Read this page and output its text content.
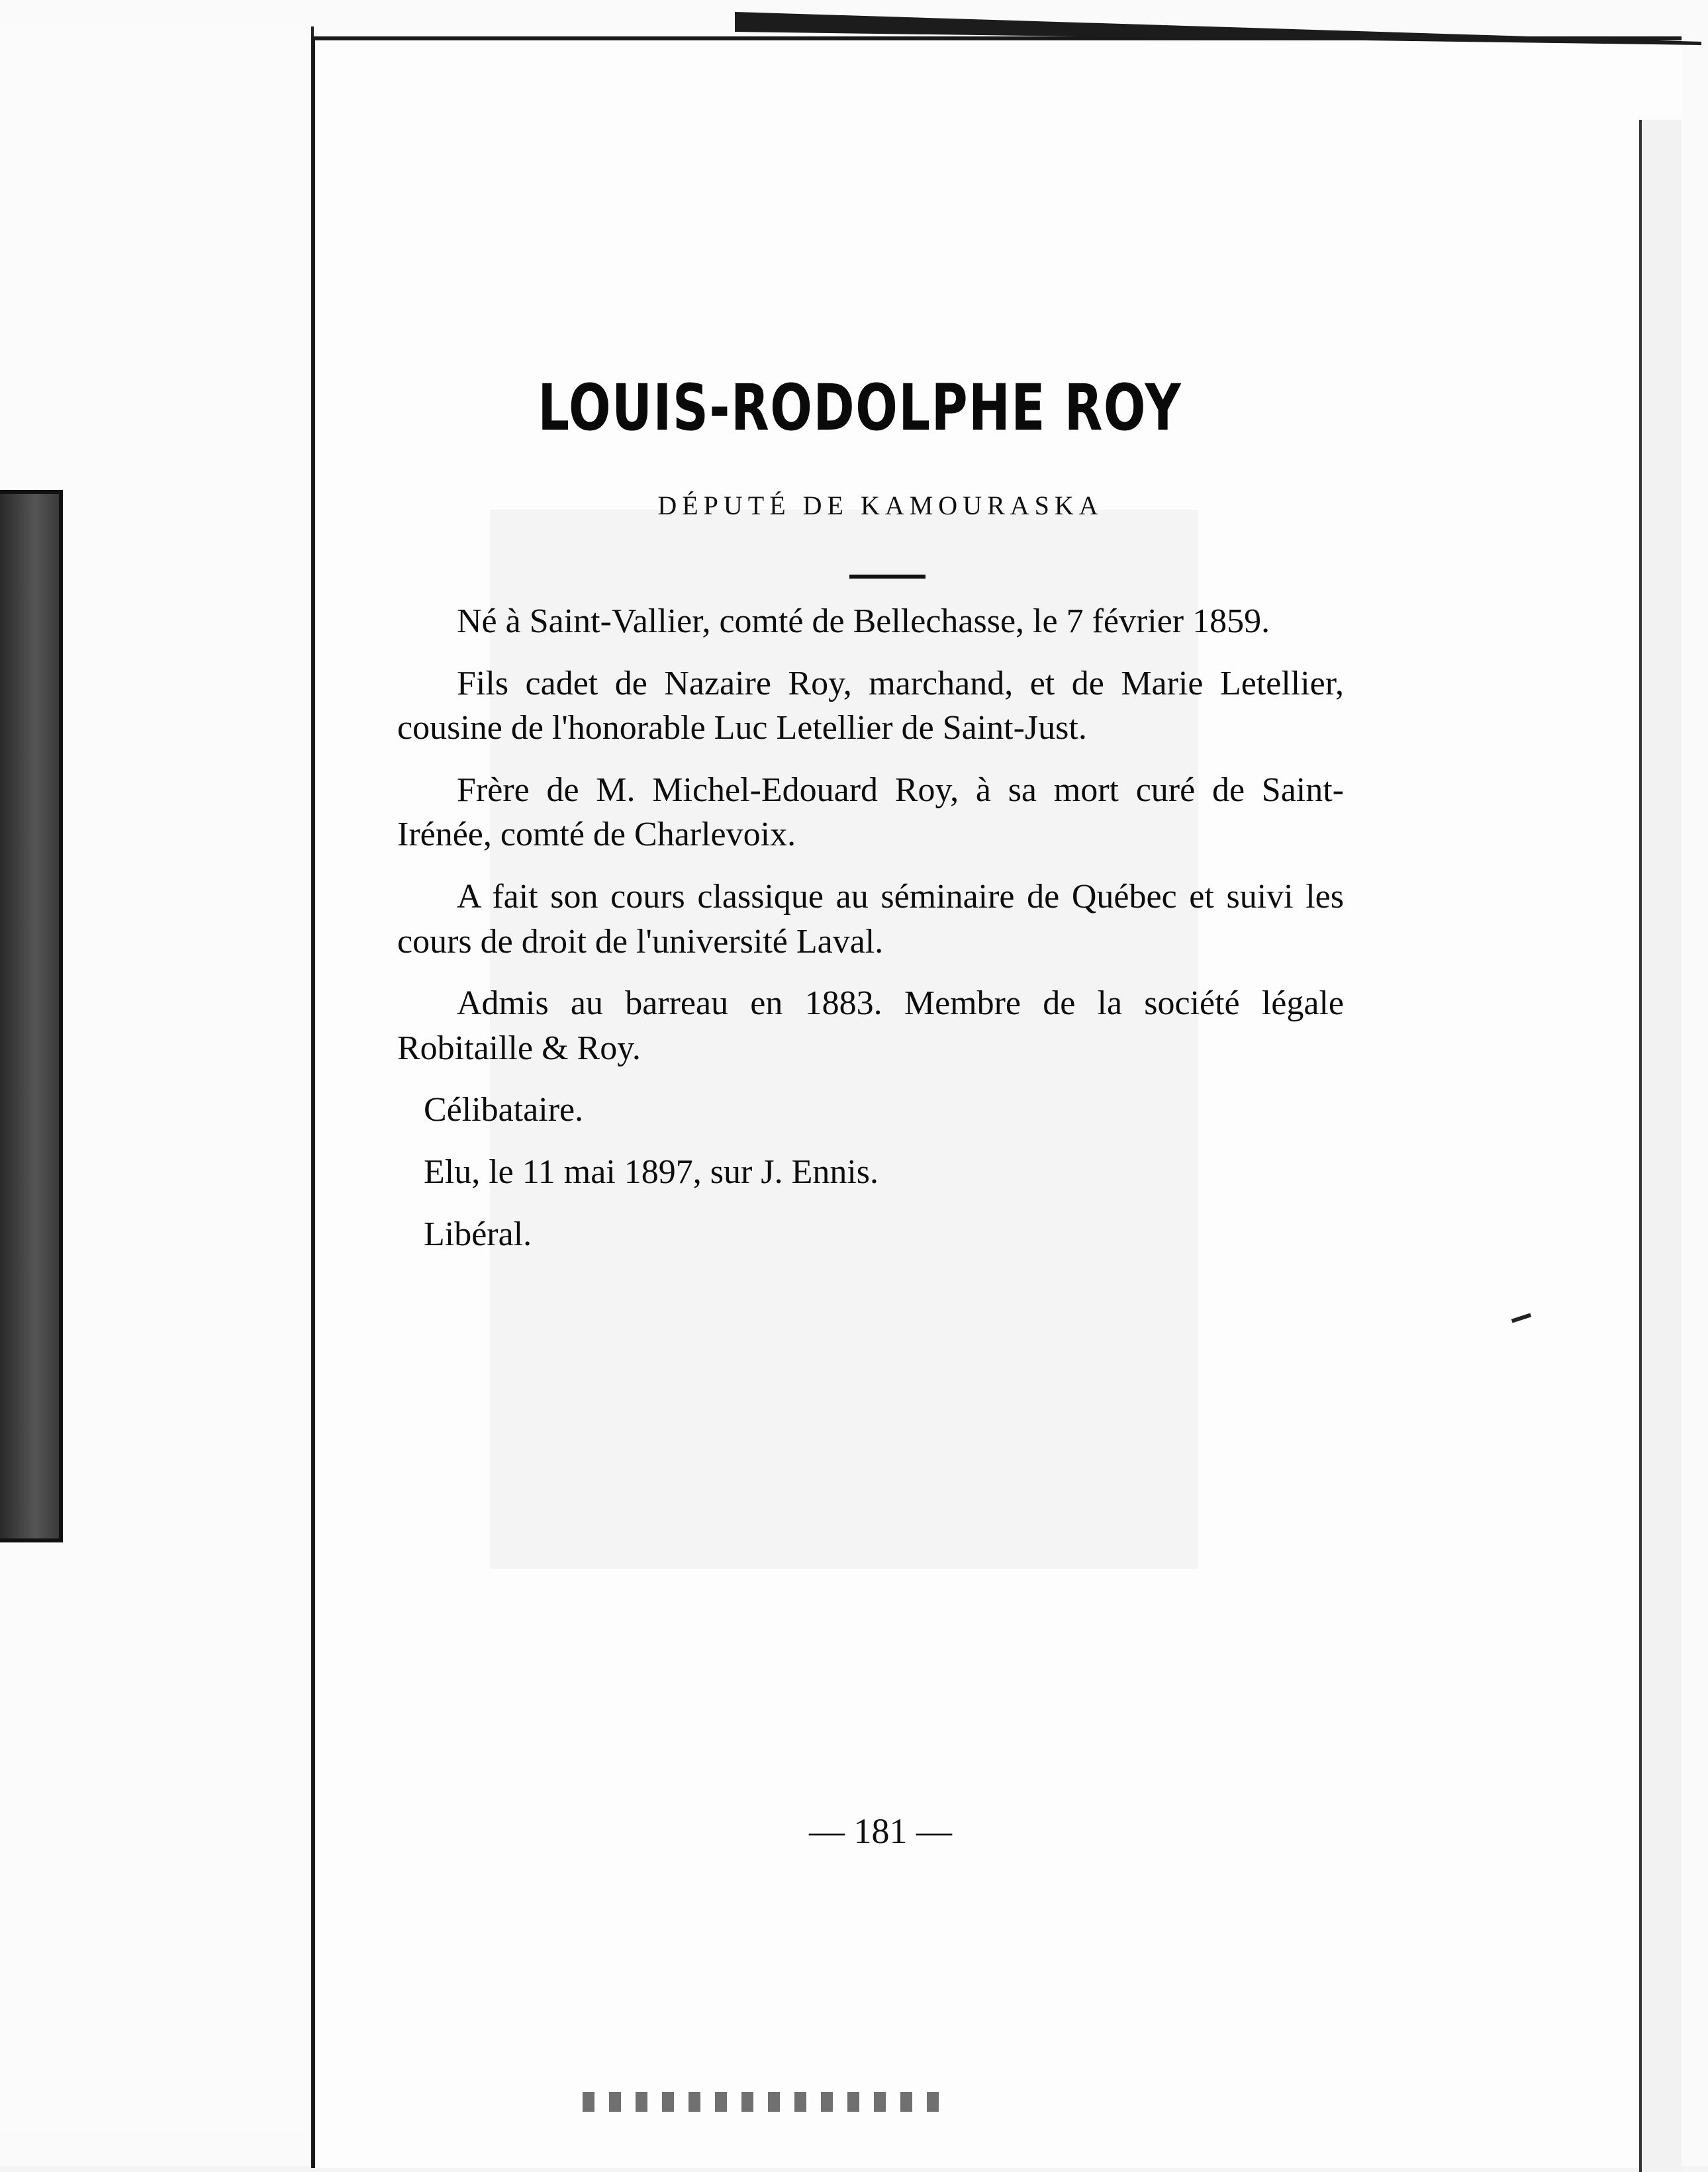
LOUIS-RODOLPHE ROY
DÉPUTÉ DE KAMOURASKA

Né à Saint-Vallier, comté de Bellechasse, le 7 février 1859.

Fils cadet de Nazaire Roy, marchand, et de Marie Letellier, cousine de l'honorable Luc Letellier de Saint-Just.

Frère de M. Michel-Edouard Roy, à sa mort curé de Saint-Irénée, comté de Charlevoix.

A fait son cours classique au séminaire de Québec et suivi les cours de droit de l'université Laval.

Admis au barreau en 1883. Membre de la société légale Robitaille & Roy.

Célibataire.

Elu, le 11 mai 1897, sur J. Ennis.

Libéral.

— 181 —
